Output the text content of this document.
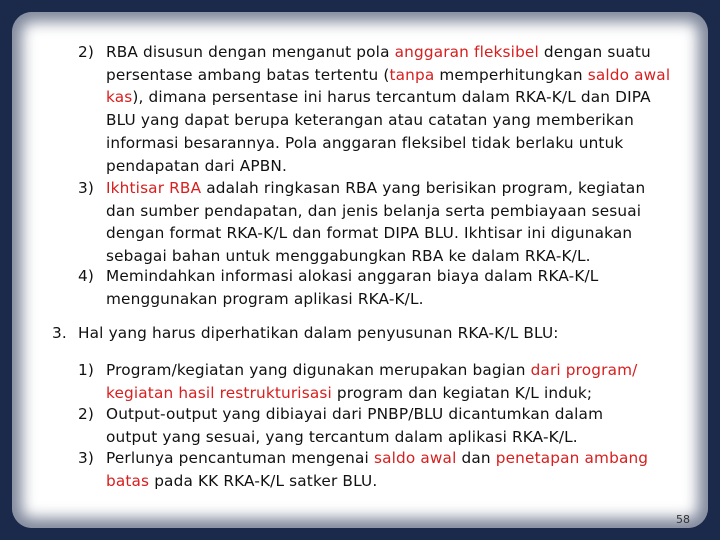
2) RBA disusun dengan menganut pola anggaran fleksibel dengan suatu persentase ambang batas tertentu (tanpa memperhitungkan saldo awal kas), dimana persentase ini harus tercantum dalam RKA-K/L dan DIPA BLU yang dapat berupa keterangan atau catatan yang memberikan informasi besarannya. Pola anggaran fleksibel tidak berlaku untuk pendapatan dari APBN.
3) Ikhtisar RBA adalah ringkasan RBA yang berisikan program, kegiatan dan sumber pendapatan, dan jenis belanja serta pembiayaan sesuai dengan format RKA-K/L dan format DIPA BLU. Ikhtisar ini digunakan sebagai bahan untuk menggabungkan RBA ke dalam RKA-K/L.
4) Memindahkan informasi alokasi anggaran biaya dalam RKA-K/L menggunakan program aplikasi RKA-K/L.
3. Hal yang harus diperhatikan dalam penyusunan RKA-K/L BLU:
1) Program/kegiatan yang digunakan merupakan bagian dari program/ kegiatan hasil restrukturisasi program dan kegiatan K/L induk;
2) Output-output yang dibiayai dari PNBP/BLU dicantumkan dalam output yang sesuai, yang tercantum dalam aplikasi RKA-K/L.
3) Perlunya pencantuman mengenai saldo awal dan penetapan ambang batas pada KK RKA-K/L satker BLU.
58
